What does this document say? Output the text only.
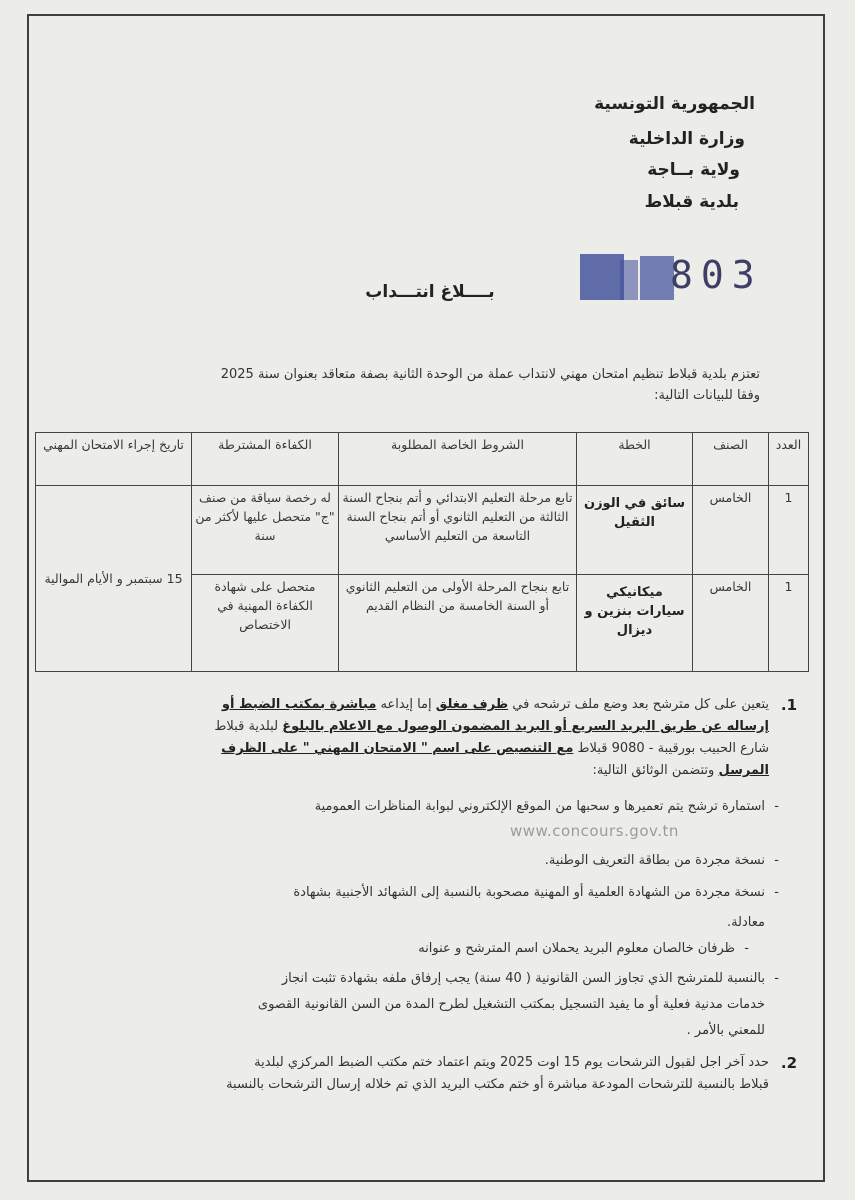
الجمهورية التونسية
وزارة الداخلية
ولاية بــاجة
بلدية قبلاط
803
بــــلاغ انتـــداب
تعتزم بلدية قبلاط تنظيم امتحان مهني لانتداب عملة من الوحدة الثانية بصفة متعاقد بعنوان سنة 2025
وفقا للبيانات التالية:
العدد	الصنف	الخطة	الشروط الخاصة المطلوبة	الكفاءة المشترطة	تاريخ إجراء الامتحان المهني
1	الخامس	سائق في الوزن الثقيل	تابع مرحلة التعليم الابتدائي و أتم بنجاح السنة الثالثة من التعليم الثانوي أو أتم بنجاح السنة التاسعة من التعليم الأساسي	له رخصة سياقة من صنف "ج" متحصل عليها لأكثر من سنة	15 سبتمبر و الأيام الموالية
1	الخامس	ميكانيكي سيارات بنزين و ديزال	تابع بنجاح المرحلة الأولى من التعليم الثانوي أو السنة الخامسة من النظام القديم	متحصل على شهادة الكفاءة المهنية في الاختصاص	
1.

يتعين على كل مترشح بعد وضع ملف ترشحه في ظرف مغلق إما إيداعه مباشرة بمكتب الضبط أو

إرساله عن طريق البريد السريع أو البريد المضمون الوصول مع الاعلام بالبلوغ لبلدية قبلاط

شارع الحبيب بورقيبة - 9080 قبلاط مع التنصيص على اسم " الامتحان المهني " على الظرف

المرسل وتتضمن الوثائق التالية:

-
استمارة ترشح يتم تعميرها و سحبها من الموقع الإلكتروني لبوابة المناظرات العمومية
-
نسخة مجردة من بطاقة التعريف الوطنية.
-
نسخة مجردة من الشهادة العلمية أو المهنية مصحوبة بالنسبة إلى الشهائد الأجنبية بشهادة
معادلة.
-
ظرفان خالصان معلوم البريد يحملان اسم المترشح و عنوانه
-
بالنسبة للمترشح الذي تجاوز السن القانونية ( 40 سنة) يجب إرفاق ملفه بشهادة تثبت انجاز
خدمات مدنية فعلية أو ما يفيد التسجيل بمكتب التشغيل لطرح المدة من السن القانونية القصوى
للمعني بالأمر .
www.concours.gov.tn
2.

حدد آخر اجل لقبول الترشحات يوم 15 اوت 2025 ويتم اعتماد ختم مكتب الضبط المركزي لبلدية

قبلاط بالنسبة للترشحات المودعة مباشرة أو ختم مكتب البريد الذي تم خلاله إرسال الترشحات بالنسبة
